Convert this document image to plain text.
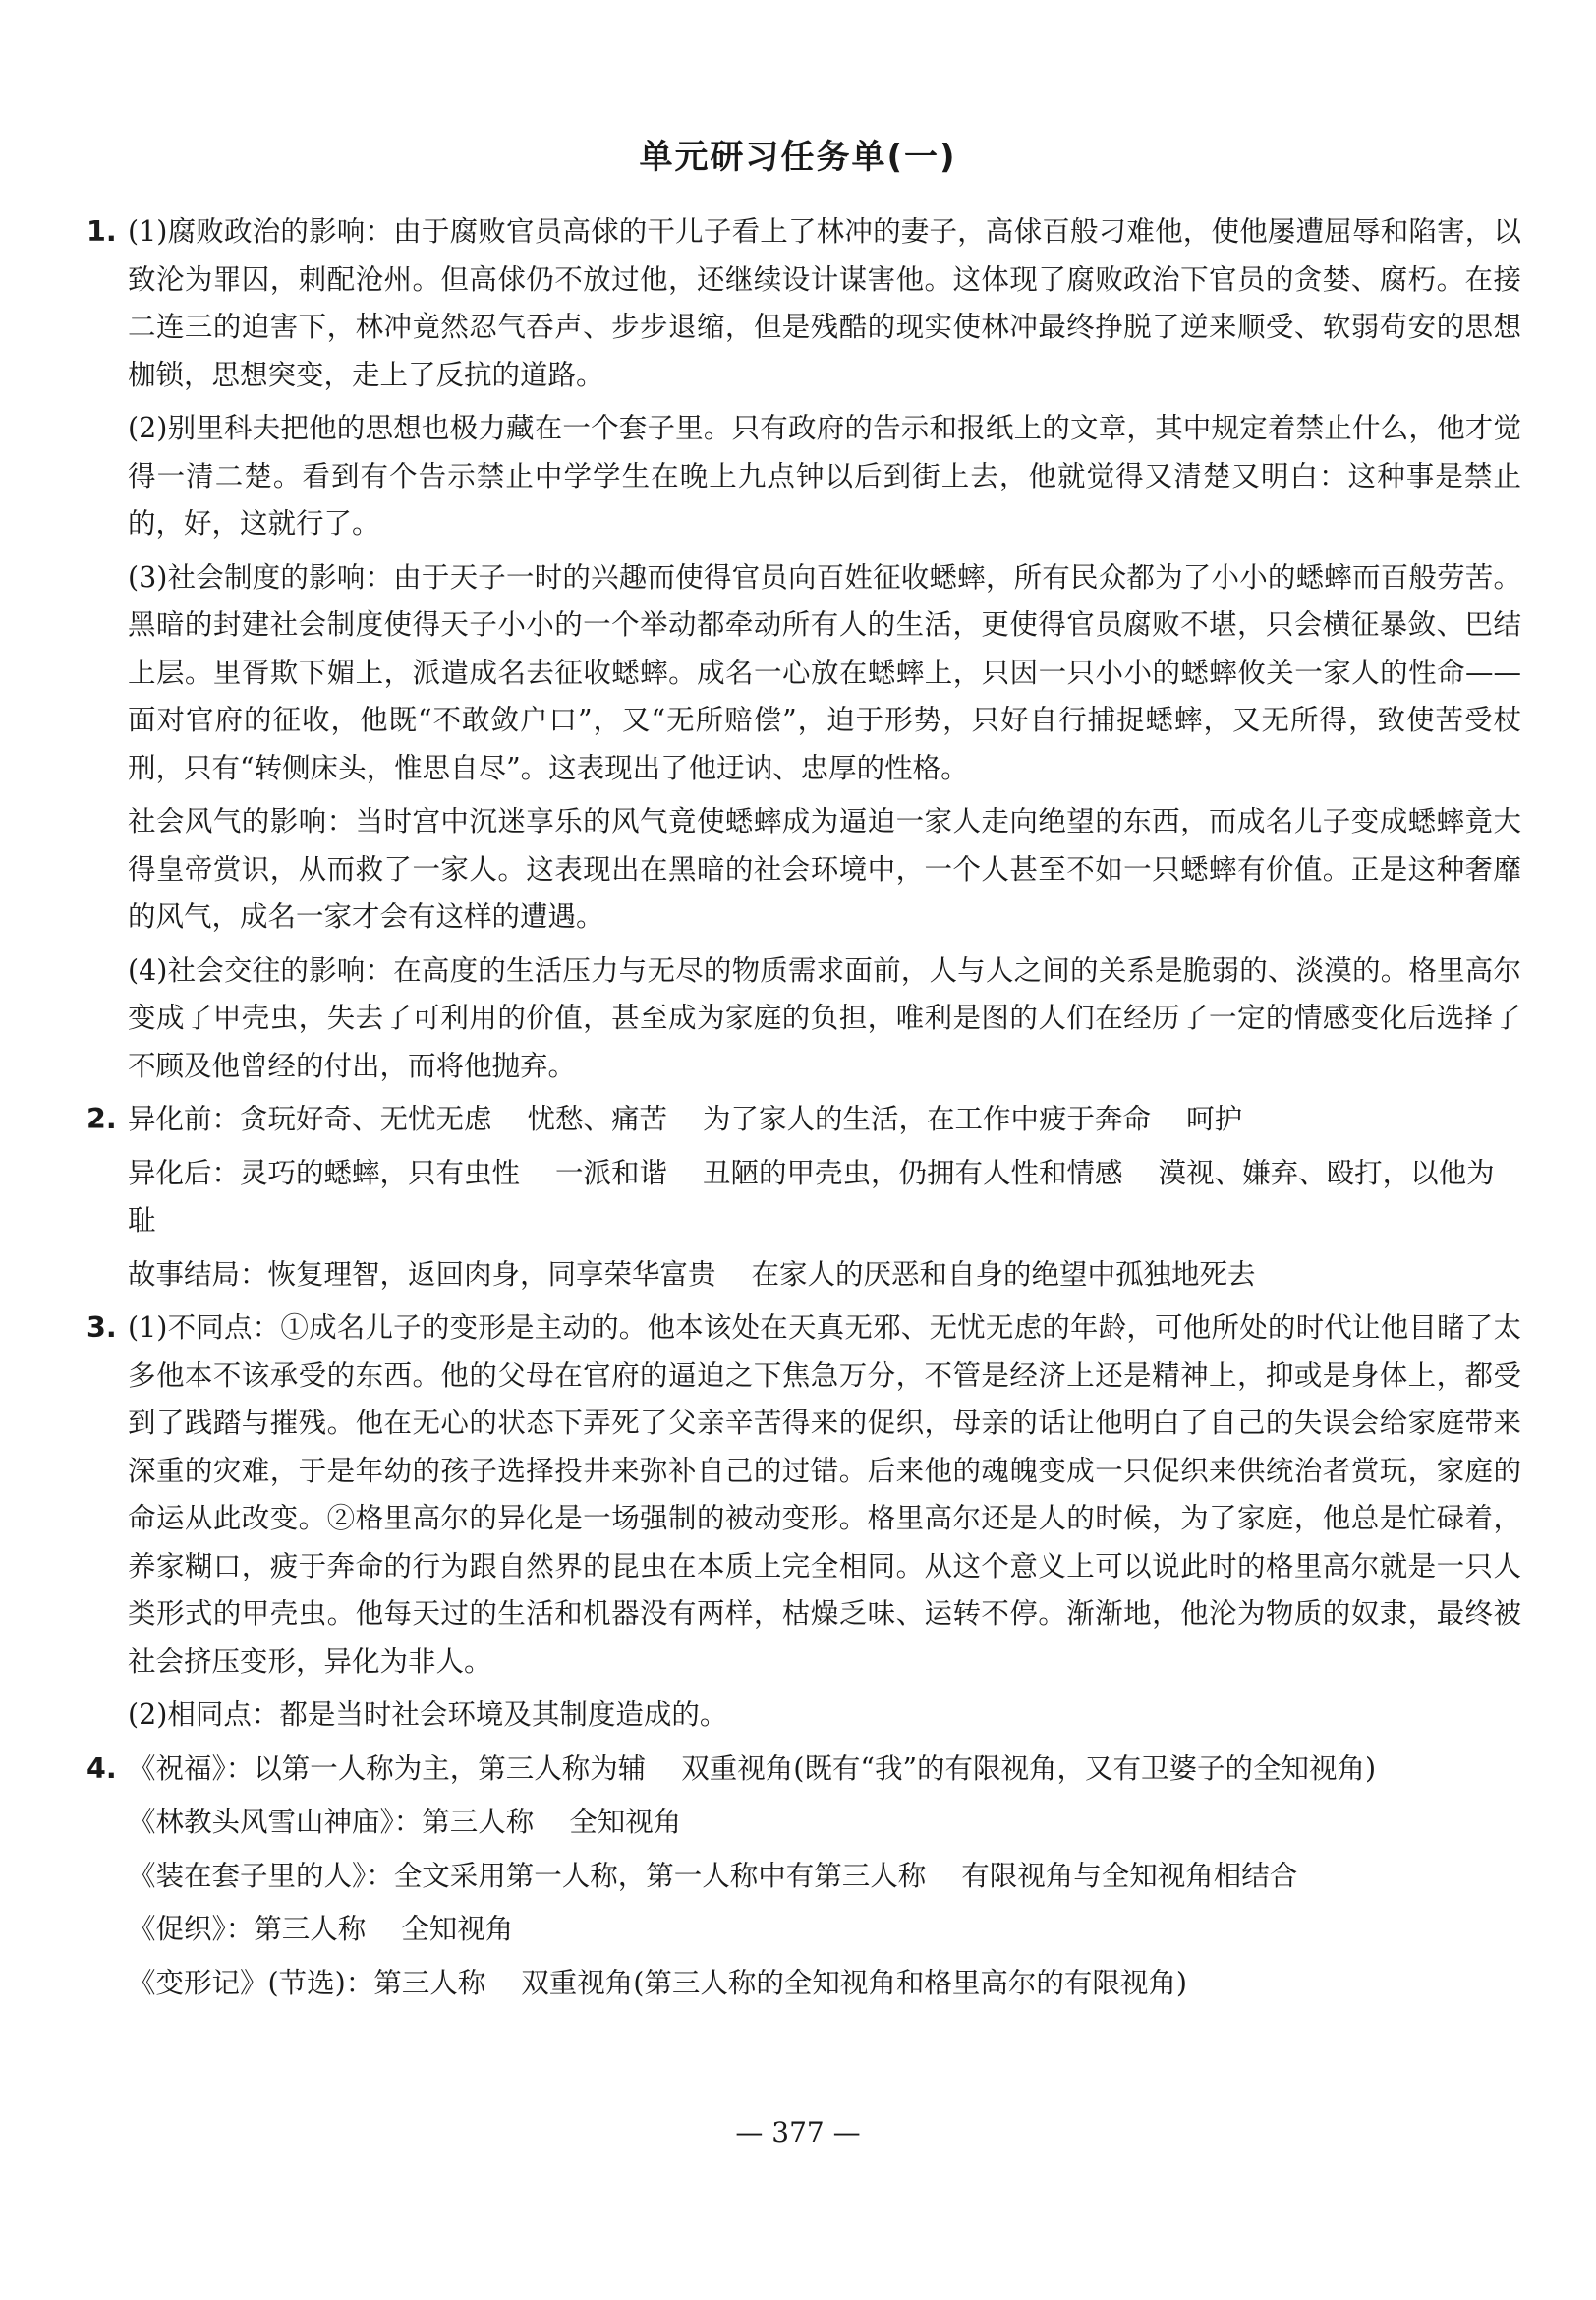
单元研习任务单(一)
1. (1)腐败政治的影响：由于腐败官员高俅的干儿子看上了林冲的妻子，高俅百般刁难他，使他屡遭屈辱和陷害，以致沦为罪囚，刺配沧州。但高俅仍不放过他，还继续设计谋害他。这体现了腐败政治下官员的贪婪、腐朽。在接二连三的迫害下，林冲竟然忍气吞声、步步退缩，但是残酷的现实使林冲最终挣脱了逆来顺受、软弱苟安的思想枷锁，思想突变，走上了反抗的道路。

(2)别里科夫把他的思想也极力藏在一个套子里。只有政府的告示和报纸上的文章，其中规定着禁止什么，他才觉得一清二楚。看到有个告示禁止中学学生在晚上九点钟以后到街上去，他就觉得又清楚又明白：这种事是禁止的，好，这就行了。

(3)社会制度的影响：由于天子一时的兴趣而使得官员向百姓征收蟋蟀，所有民众都为了小小的蟋蟀而百般劳苦。黑暗的封建社会制度使得天子小小的一个举动都牵动所有人的生活，更使得官员腐败不堪，只会横征暴敛、巴结上层。里胥欺下媚上，派遣成名去征收蟋蟀。成名一心放在蟋蟀上，只因一只小小的蟋蟀攸关一家人的性命——面对官府的征收，他既“不敢敛户口”，又“无所赔偿”，迫于形势，只好自行捕捉蟋蟀，又无所得，致使苦受杖刑，只有“转侧床头，惟思自尽”。这表现出了他迂讷、忠厚的性格。

社会风气的影响：当时宫中沉迷享乐的风气竟使蟋蟀成为逼迫一家人走向绝望的东西，而成名儿子变成蟋蟀竟大得皇帝赏识，从而救了一家人。这表现出在黑暗的社会环境中，一个人甚至不如一只蟋蟀有价值。正是这种奢靡的风气，成名一家才会有这样的遭遇。

(4)社会交往的影响：在高度的生活压力与无尽的物质需求面前，人与人之间的关系是脆弱的、淡漠的。格里高尔变成了甲壳虫，失去了可利用的价值，甚至成为家庭的负担，唯利是图的人们在经历了一定的情感变化后选择了不顾及他曾经的付出，而将他抛弃。

2. 异化前：贪玩好奇、无忧无虑 忧愁、痛苦 为了家人的生活，在工作中疲于奔命 呵护
异化后：灵巧的蟋蟀，只有虫性 一派和谐 丑陋的甲壳虫，仍拥有人性和情感 漠视、嫌弃、殴打，以他为耻
故事结局：恢复理智，返回肉身，同享荣华富贵 在家人的厌恶和自身的绝望中孤独地死去
3. (1)不同点：①成名儿子的变形是主动的。他本该处在天真无邪、无忧无虑的年龄，可他所处的时代让他目睹了太多他本不该承受的东西。他的父母在官府的逼迫之下焦急万分，不管是经济上还是精神上，抑或是身体上，都受到了践踏与摧残。他在无心的状态下弄死了父亲辛苦得来的促织，母亲的话让他明白了自己的失误会给家庭带来深重的灾难，于是年幼的孩子选择投井来弥补自己的过错。后来他的魂魄变成一只促织来供统治者赏玩，家庭的命运从此改变。②格里高尔的异化是一场强制的被动变形。格里高尔还是人的时候，为了家庭，他总是忙碌着，养家糊口，疲于奔命的行为跟自然界的昆虫在本质上完全相同。从这个意义上可以说此时的格里高尔就是一只人类形式的甲壳虫。他每天过的生活和机器没有两样，枯燥乏味、运转不停。渐渐地，他沦为物质的奴隶，最终被社会挤压变形，异化为非人。

(2)相同点：都是当时社会环境及其制度造成的。

4. 《祝福》：以第一人称为主，第三人称为辅 双重视角(既有“我”的有限视角，又有卫婆子的全知视角)
《林教头风雪山神庙》：第三人称 全知视角
《装在套子里的人》：全文采用第一人称，第一人称中有第三人称 有限视角与全知视角相结合
《促织》：第三人称 全知视角
《变形记》(节选)：第三人称 双重视角(第三人称的全知视角和格里高尔的有限视角)
— 377 —
